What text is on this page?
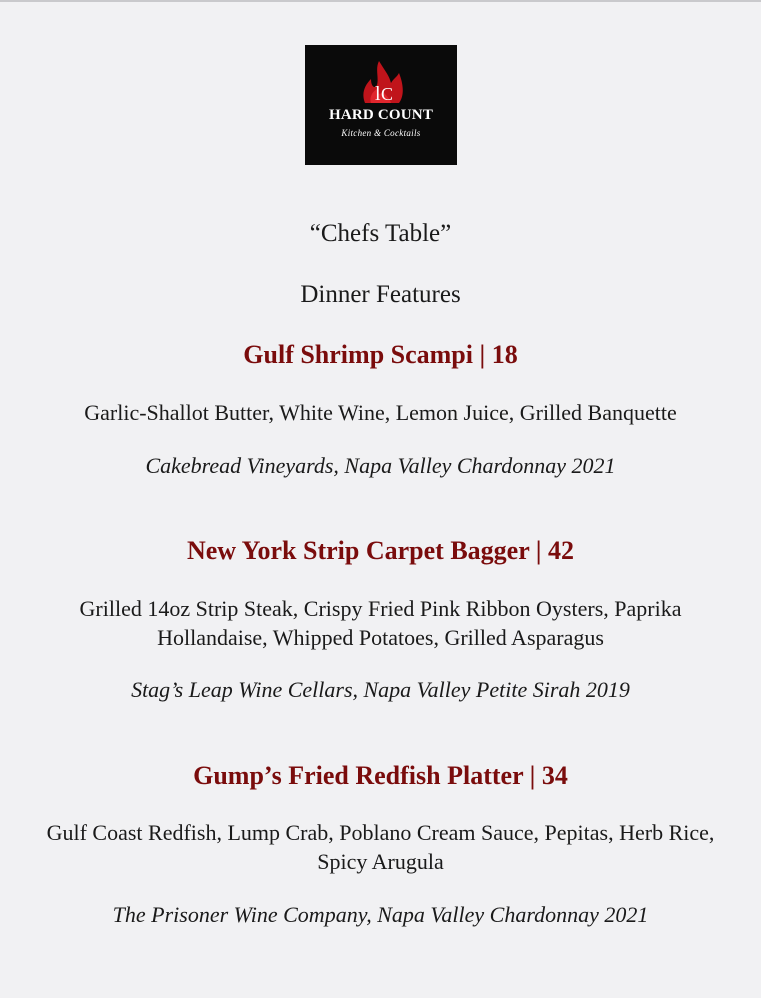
l C
HARD COUNT
Kitchen & Cocktails
“Chefs Table”
Dinner Features
Gulf Shrimp Scampi | 18
Garlic-Shallot Butter, White Wine, Lemon Juice, Grilled Banquette
Cakebread Vineyards, Napa Valley Chardonnay 2021
New York Strip Carpet Bagger | 42
Grilled 14oz Strip Steak, Crispy Fried Pink Ribbon Oysters, Paprika Hollandaise, Whipped Potatoes, Grilled Asparagus
Stag’s Leap Wine Cellars, Napa Valley Petite Sirah 2019
Gump’s Fried Redfish Platter | 34
Gulf Coast Redfish, Lump Crab, Poblano Cream Sauce, Pepitas, Herb Rice, Spicy Arugula
The Prisoner Wine Company, Napa Valley Chardonnay 2021
